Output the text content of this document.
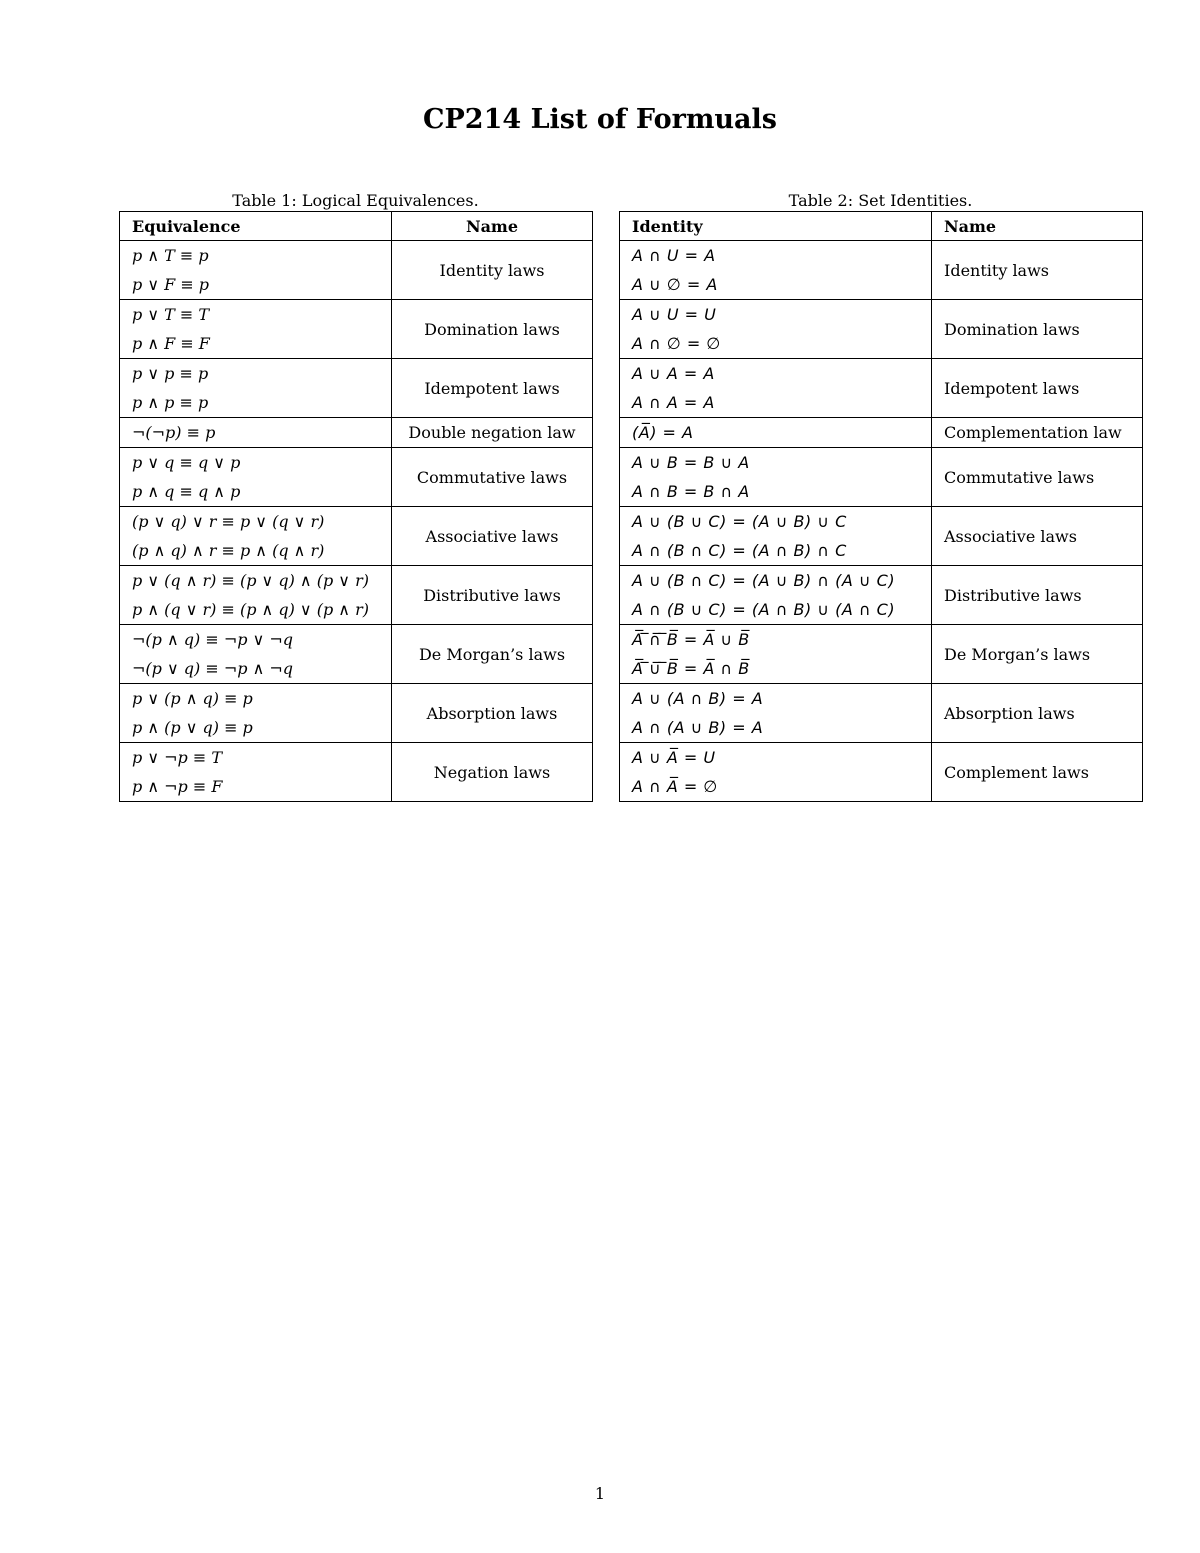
CP214 List of Formuals
Table 1: Logical Equivalences.
Equivalence	Name

p ∧ T ≡ p
p ∨ F ≡ p	Identity laws

p ∨ T ≡ T
p ∧ F ≡ F	Domination laws

p ∨ p ≡ p
p ∧ p ≡ p	Idempotent laws

¬(¬p) ≡ p	Double negation law

p ∨ q ≡ q ∨ p
p ∧ q ≡ q ∧ p	Commutative laws

(p ∨ q) ∨ r ≡ p ∨ (q ∨ r)
(p ∧ q) ∧ r ≡ p ∧ (q ∧ r)	Associative laws

p ∨ (q ∧ r) ≡ (p ∨ q) ∧ (p ∨ r)
p ∧ (q ∨ r) ≡ (p ∧ q) ∨ (p ∧ r)	Distributive laws

¬(p ∧ q) ≡ ¬p ∨ ¬q
¬(p ∨ q) ≡ ¬p ∧ ¬q	De Morgan’s laws

p ∨ (p ∧ q) ≡ p
p ∧ (p ∨ q) ≡ p	Absorption laws

p ∨ ¬p ≡ T
p ∧ ¬p ≡ F	Negation laws
Table 2: Set Identities.
Identity	Name

A ∩ U = A
A ∪ ∅ = A	Identity laws

A ∪ U = U
A ∩ ∅ = ∅	Domination laws

A ∪ A = A
A ∩ A = A	Idempotent laws

(A̅) = A	Complementation law

A ∪ B = B ∪ A
A ∩ B = B ∩ A	Commutative laws

A ∪ (B ∪ C) = (A ∪ B) ∪ C
A ∩ (B ∩ C) = (A ∩ B) ∩ C	Associative laws

A ∪ (B ∩ C) = (A ∪ B) ∩ (A ∪ C)
A ∩ (B ∪ C) = (A ∩ B) ∪ (A ∩ C)	Distributive laws

A̅ ̅∩̅ ̅B̅ = A̅ ∪ B̅
A̅ ̅∪̅ ̅B̅ = A̅ ∩ B̅	De Morgan’s laws

A ∪ (A ∩ B) = A
A ∩ (A ∪ B) = A	Absorption laws

A ∪ A̅ = U
A ∩ A̅ = ∅	Complement laws
1
